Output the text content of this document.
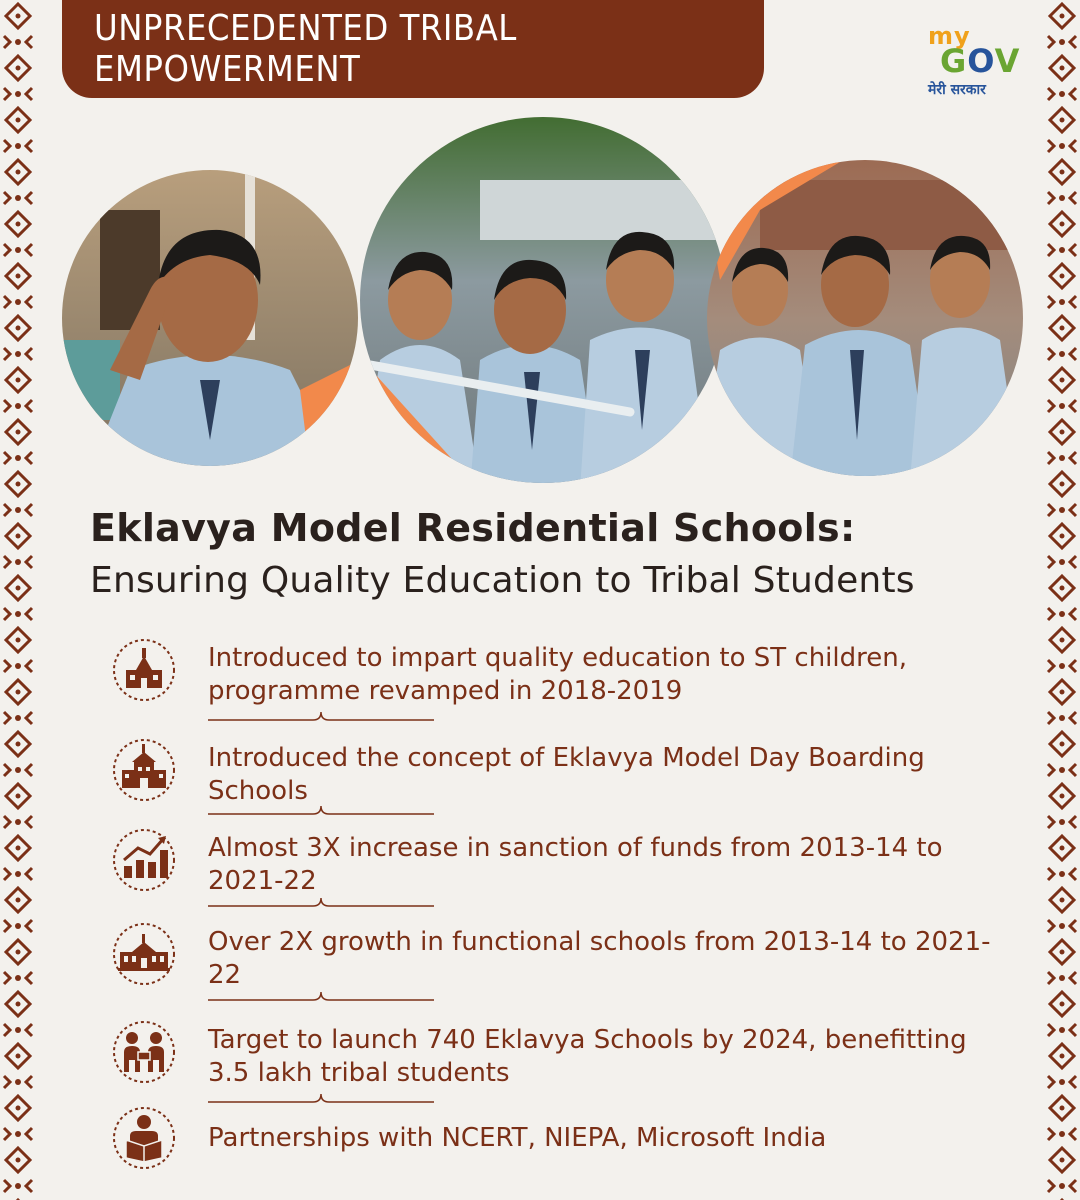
UNPRECEDENTED TRIBAL EMPOWERMENT
my
GOV
मेरी सरकार
Eklavya Model Residential Schools:
Ensuring Quality Education to Tribal Students
Introduced to impart quality education to ST children, programme revamped in 2018-2019
Introduced the concept of Eklavya Model Day Boarding Schools
Almost 3X increase in sanction of funds from 2013-14 to 2021-22
Over 2X growth in functional schools from 2013-14 to 2021-22
Target to launch 740 Eklavya Schools by 2024, benefitting 3.5 lakh tribal students
Partnerships with NCERT, NIEPA, Microsoft India
